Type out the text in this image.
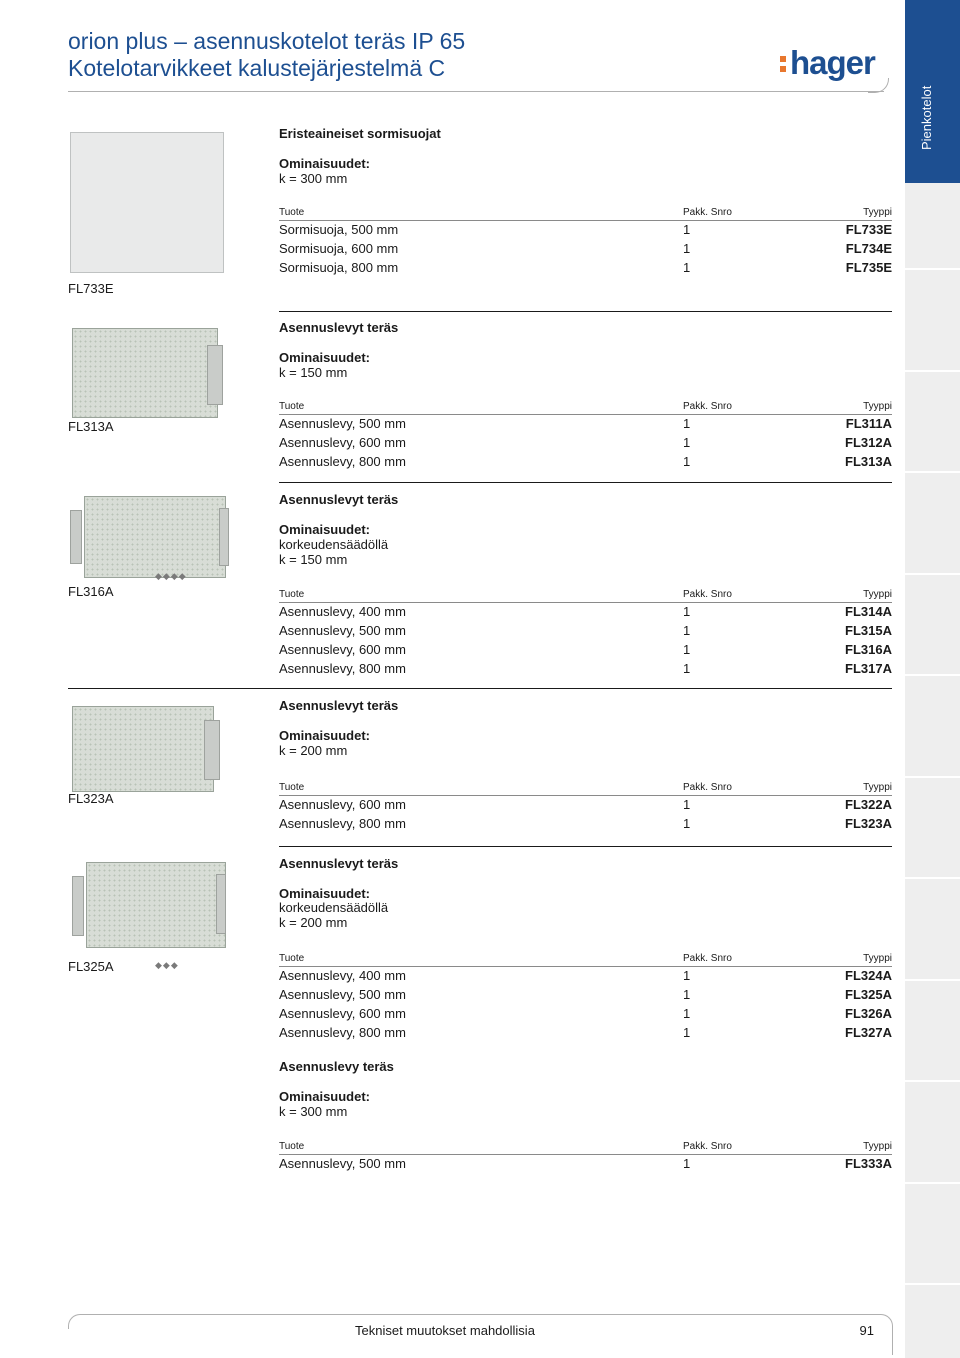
orion plus – asennuskotelot teräs IP 65
Kotelotarvikkeet kalustejärjestelmä C	hager
Pienkotelot
FL733E
Eristeaineiset sormisuojat
Ominaisuudet:
k = 300 mm
Tuote	Pakk. Snro	Tyyppi
Sormisuoja, 500 mm	1	FL733E
Sormisuoja, 600 mm	1	FL734E
Sormisuoja, 800 mm	1	FL735E
FL313A
Asennuslevyt teräs
Ominaisuudet:
k = 150 mm
Tuote	Pakk. Snro	Tyyppi
Asennuslevy, 500 mm	1	FL311A
Asennuslevy, 600 mm	1	FL312A
Asennuslevy, 800 mm	1	FL313A
◆◆◆◆
FL316A
Asennuslevyt teräs
Ominaisuudet:
korkeudensäädöllä
k = 150 mm
Tuote	Pakk. Snro	Tyyppi
Asennuslevy, 400 mm	1	FL314A
Asennuslevy, 500 mm	1	FL315A
Asennuslevy, 600 mm	1	FL316A
Asennuslevy, 800 mm	1	FL317A
FL323A
Asennuslevyt teräs
Ominaisuudet:
k = 200 mm
Tuote	Pakk. Snro	Tyyppi
Asennuslevy, 600 mm	1	FL322A
Asennuslevy, 800 mm	1	FL323A
◆◆◆
FL325A
Asennuslevyt teräs
Ominaisuudet:
korkeudensäädöllä
k = 200 mm
Tuote	Pakk. Snro	Tyyppi
Asennuslevy, 400 mm	1	FL324A
Asennuslevy, 500 mm	1	FL325A
Asennuslevy, 600 mm	1	FL326A
Asennuslevy, 800 mm	1	FL327A
Asennuslevy teräs
Ominaisuudet:
k = 300 mm
Tuote	Pakk. Snro	Tyyppi
Asennuslevy, 500 mm	1	FL333A
Tekniset muutokset mahdollisia	91
